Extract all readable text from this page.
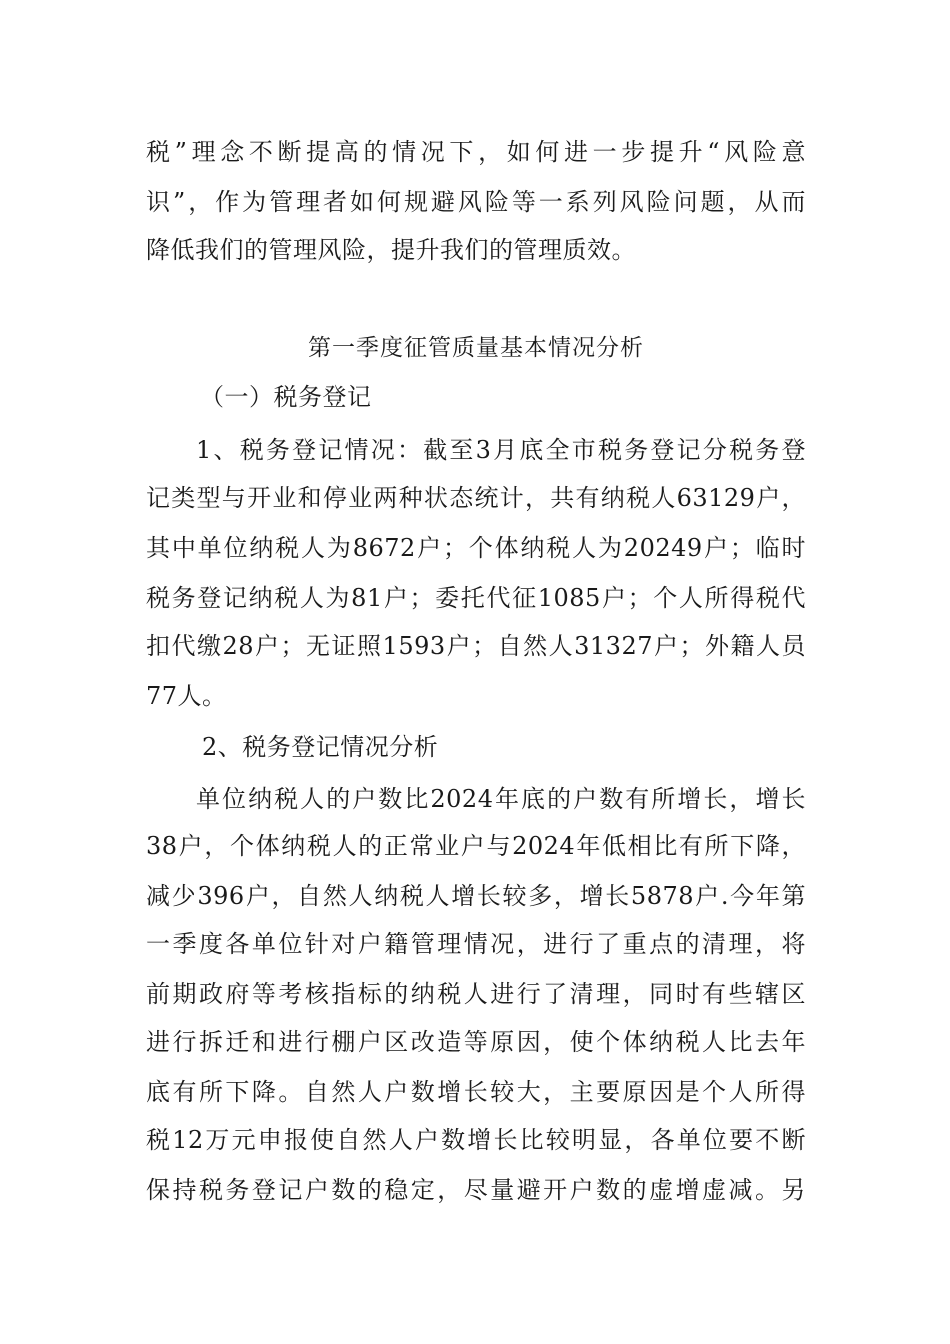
税”理念不断提高的情况下，如何进一步提升“风险意
识”，作为管理者如何规避风险等一系列风险问题，从而
降低我们的管理风险，提升我们的管理质效。
第一季度征管质量基本情况分析
（一）税务登记
1、税务登记情况：截至3月底全市税务登记分税务登
记类型与开业和停业两种状态统计，共有纳税人63129户，
其中单位纳税人为8672户；个体纳税人为20249户；临时
税务登记纳税人为81户；委托代征1085户；个人所得税代
扣代缴28户；无证照1593户；自然人31327户；外籍人员
77人。
2、税务登记情况分析
单位纳税人的户数比2024年底的户数有所增长，增长
38户，个体纳税人的正常业户与2024年低相比有所下降，
减少396户，自然人纳税人增长较多，增长5878户.今年第
一季度各单位针对户籍管理情况，进行了重点的清理，将
前期政府等考核指标的纳税人进行了清理，同时有些辖区
进行拆迁和进行棚户区改造等原因，使个体纳税人比去年
底有所下降。自然人户数增长较大，主要原因是个人所得
税12万元申报使自然人户数增长比较明显，各单位要不断
保持税务登记户数的稳定，尽量避开户数的虚增虚减。另
